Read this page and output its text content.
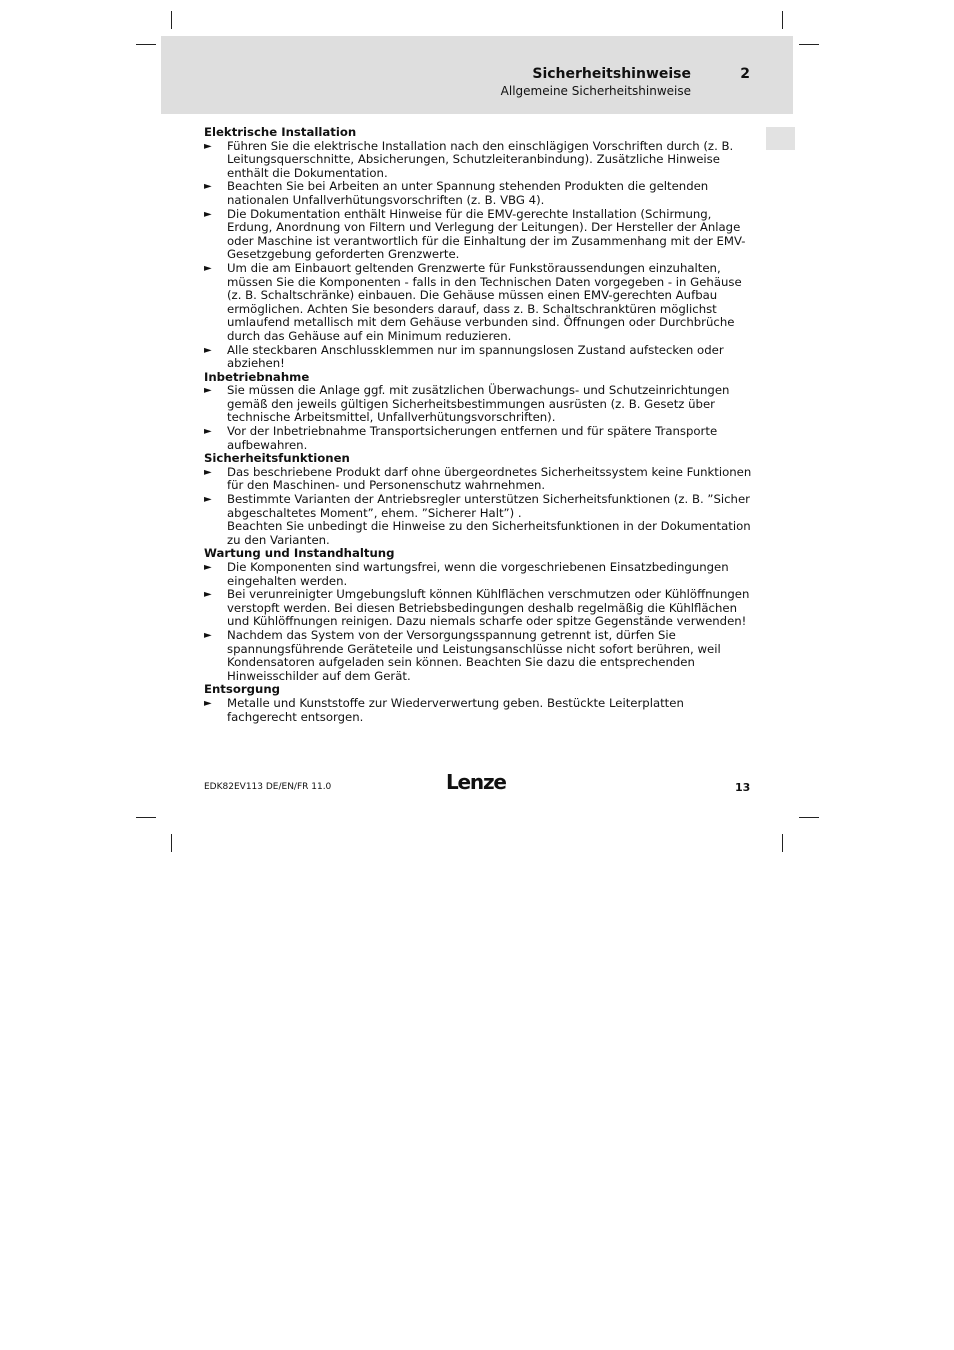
Sicherheitshinweise	2
Allgemeine Sicherheitshinweise
Elektrische Installation
► Führen Sie die elektrische Installation nach den einschlägigen Vorschriften durch (z. B. Leitungsquerschnitte, Absicherungen, Schutzleiteranbindung). Zusätzliche Hinweise enthält die Dokumentation.
► Beachten Sie bei Arbeiten an unter Spannung stehenden Produkten die geltenden nationalen Unfallverhütungsvorschriften (z. B. VBG 4).
► Die Dokumentation enthält Hinweise für die EMV-gerechte Installation (Schirmung, Erdung, Anordnung von Filtern und Verlegung der Leitungen). Der Hersteller der Anlage oder Maschine ist verantwortlich für die Einhaltung der im Zusammenhang mit der EMV-Gesetzgebung geforderten Grenzwerte.
► Um die am Einbauort geltenden Grenzwerte für Funkstöraussendungen einzuhalten, müssen Sie die Komponenten - falls in den Technischen Daten vorgegeben - in Gehäuse (z. B. Schaltschränke) einbauen. Die Gehäuse müssen einen EMV-gerechten Aufbau ermöglichen. Achten Sie besonders darauf, dass z. B. Schaltschranktüren möglichst umlaufend metallisch mit dem Gehäuse verbunden sind. Öffnungen oder Durchbrüche durch das Gehäuse auf ein Minimum reduzieren.
► Alle steckbaren Anschlussklemmen nur im spannungslosen Zustand aufstecken oder abziehen!
Inbetriebnahme
► Sie müssen die Anlage ggf. mit zusätzlichen Überwachungs- und Schutzeinrichtungen gemäß den jeweils gültigen Sicherheitsbestimmungen ausrüsten (z. B. Gesetz über technische Arbeitsmittel, Unfallverhütungsvorschriften).
► Vor der Inbetriebnahme Transportsicherungen entfernen und für spätere Transporte aufbewahren.
Sicherheitsfunktionen
► Das beschriebene Produkt darf ohne übergeordnetes Sicherheitssystem keine Funktionen für den Maschinen- und Personenschutz wahrnehmen.
► Bestimmte Varianten der Antriebsregler unterstützen Sicherheitsfunktionen (z. B. ”Sicher abgeschaltetes Moment”, ehem. ”Sicherer Halt”) .
Beachten Sie unbedingt die Hinweise zu den Sicherheitsfunktionen in der Dokumentation zu den Varianten.
Wartung und Instandhaltung
► Die Komponenten sind wartungsfrei, wenn die vorgeschriebenen Einsatzbedingungen eingehalten werden.
► Bei verunreinigter Umgebungsluft können Kühlflächen verschmutzen oder Kühlöffnungen verstopft werden. Bei diesen Betriebsbedingungen deshalb regelmäßig die Kühlflächen und Kühlöffnungen reinigen. Dazu niemals scharfe oder spitze Gegenstände verwenden!
► Nachdem das System von der Versorgungsspannung getrennt ist, dürfen Sie spannungsführende Geräteteile und Leistungsanschlüsse nicht sofort berühren, weil Kondensatoren aufgeladen sein können. Beachten Sie dazu die entsprechenden Hinweisschilder auf dem Gerät.
Entsorgung
► Metalle und Kunststoffe zur Wiederverwertung geben. Bestückte Leiterplatten fachgerecht entsorgen.
EDK82EV113 DE/EN/FR 11.0	Lenze	13
